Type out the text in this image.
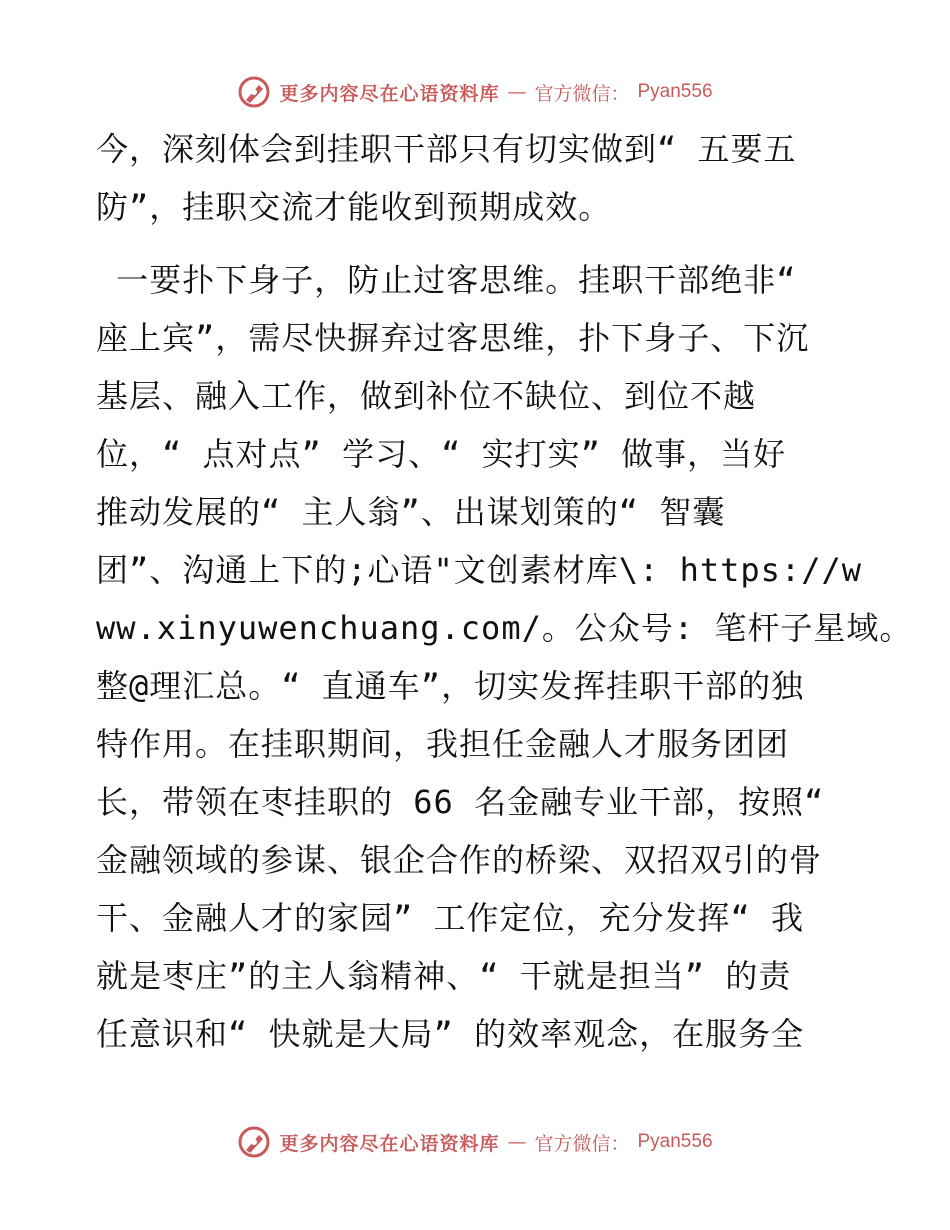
更多内容尽在心语资料库 — 官方微信： Pyan556
今，深刻体会到挂职干部只有切实做到“ 五要五
防”，挂职交流才能收到预期成效。
一要扑下身子，防止过客思维。挂职干部绝非“
座上宾”，需尽快摒弃过客思维，扑下身子、下沉
基层、融入工作，做到补位不缺位、到位不越
位，“ 点对点” 学习、“ 实打实” 做事，当好
推动发展的“ 主人翁”、出谋划策的“ 智囊
团”、沟通上下的;心语"文创素材库\: https://w
ww.xinyuwenchuang.com/。公众号: 笔杆子星域。
整@理汇总。“ 直通车”，切实发挥挂职干部的独
特作用。在挂职期间，我担任金融人才服务团团
长，带领在枣挂职的 66 名金融专业干部，按照“
金融领域的参谋、银企合作的桥梁、双招双引的骨
干、金融人才的家园” 工作定位，充分发挥“ 我
就是枣庄”的主人翁精神、“ 干就是担当” 的责
任意识和“ 快就是大局” 的效率观念，在服务全
更多内容尽在心语资料库 — 官方微信： Pyan556
